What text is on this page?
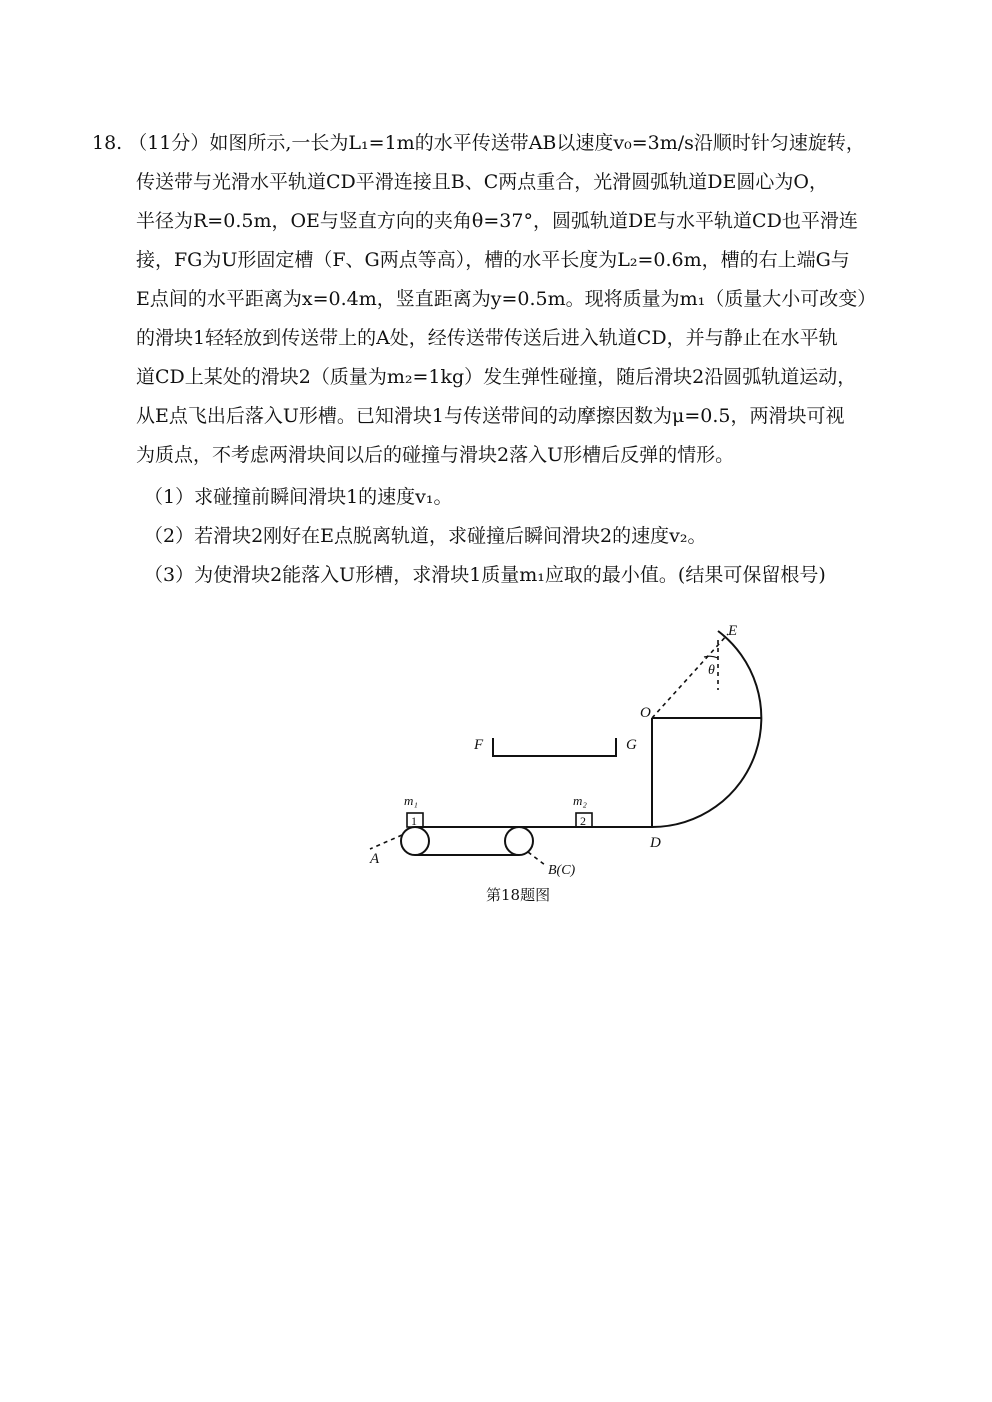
18. （11分）如图所示,一长为L₁=1m的水平传送带AB以速度v₀=3m/s沿顺时针匀速旋转，
传送带与光滑水平轨道CD平滑连接且B、C两点重合，光滑圆弧轨道DE圆心为O，
半径为R=0.5m，OE与竖直方向的夹角θ=37°，圆弧轨道DE与水平轨道CD也平滑连
接，FG为U形固定槽（F、G两点等高），槽的水平长度为L₂=0.6m，槽的右上端G与
E点间的水平距离为x=0.4m，竖直距离为y=0.5m。现将质量为m₁（质量大小可改变）
的滑块1轻轻放到传送带上的A处，经传送带传送后进入轨道CD，并与静止在水平轨
道CD上某处的滑块2（质量为m₂=1kg）发生弹性碰撞，随后滑块2沿圆弧轨道运动，
从E点飞出后落入U形槽。已知滑块1与传送带间的动摩擦因数为μ=0.5，两滑块可视
为质点，不考虑两滑块间以后的碰撞与滑块2落入U形槽后反弹的情形。
（1）求碰撞前瞬间滑块1的速度v₁。
（2）若滑块2刚好在E点脱离轨道，求碰撞后瞬间滑块2的速度v₂。
（3）为使滑块2能落入U形槽，求滑块1质量m₁应取的最小值。(结果可保留根号)
E
θ
O
F	G
m₁	m₂
A
B(C)
D
1	2
第18题图
